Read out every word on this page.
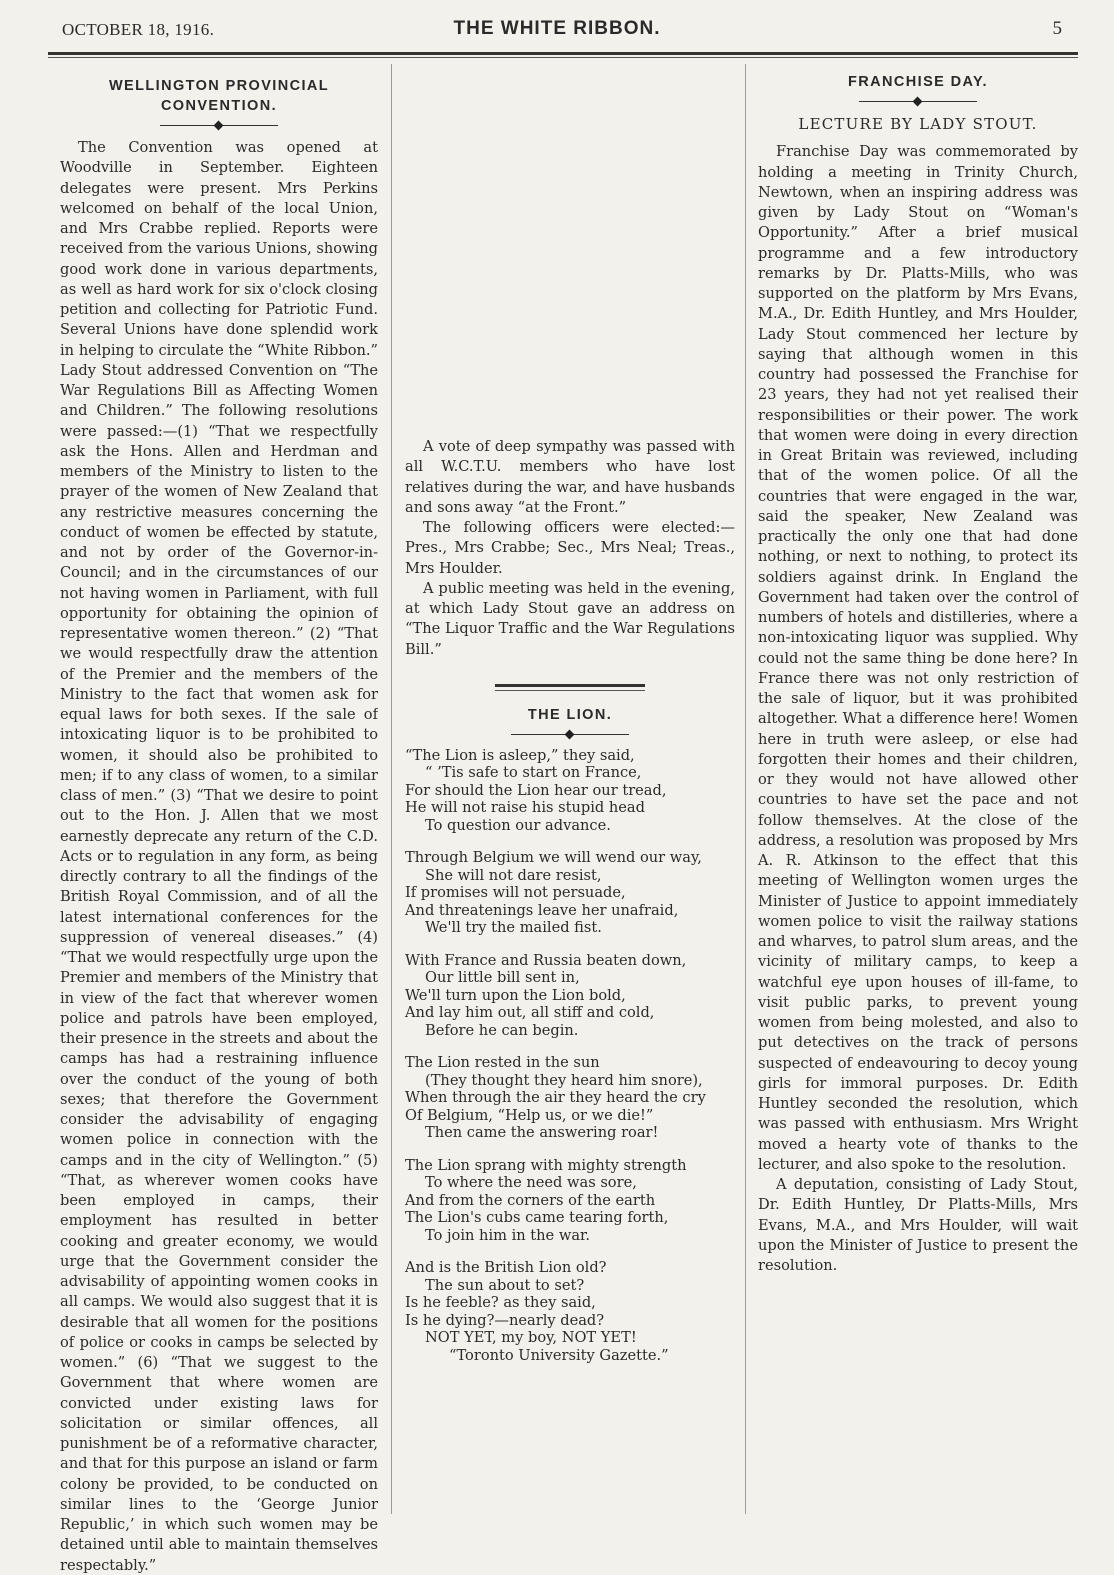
OCTOBER 18, 1916.	THE WHITE RIBBON.	5
WELLINGTON PROVINCIAL CONVENTION.

The Convention was opened at Woodville in September. Eighteen delegates were present. Mrs Perkins welcomed on behalf of the local Union, and Mrs Crabbe replied. Reports were received from the various Unions, showing good work done in various departments, as well as hard work for six o'clock closing petition and collecting for Patriotic Fund. Several Unions have done splendid work in helping to circulate the “White Ribbon.” Lady Stout addressed Convention on “The War Regulations Bill as Affecting Women and Children.” The following resolutions were passed:—(1) “That we respectfully ask the Hons. Allen and Herdman and members of the Ministry to listen to the prayer of the women of New Zealand that any restrictive measures concerning the conduct of women be effected by statute, and not by order of the Governor-in-Council; and in the circumstances of our not having women in Parliament, with full opportunity for obtaining the opinion of representative women thereon.” (2) “That we would respectfully draw the attention of the Premier and the members of the Ministry to the fact that women ask for equal laws for both sexes. If the sale of intoxicating liquor is to be prohibited to women, it should also be prohibited to men; if to any class of women, to a similar class of men.” (3) “That we desire to point out to the Hon. J. Allen that we most earnestly deprecate any return of the C.D. Acts or to regulation in any form, as being directly contrary to all the findings of the British Royal Commission, and of all the latest international conferences for the suppression of venereal diseases.” (4) “That we would respectfully urge upon the Premier and members of the Ministry that in view of the fact that wherever women police and patrols have been employed, their presence in the streets and about the camps has had a restraining influence over the conduct of the young of both sexes; that therefore the Government consider the advisability of engaging women police in connection with the camps and in the city of Wellington.” (5) “That, as wherever women cooks have been employed in camps, their employment has resulted in better cooking and greater economy, we would urge that the Government consider the advisability of appointing women cooks in all camps. We would also suggest that it is desirable that all women for the positions of police or cooks in camps be selected by women.” (6) “That we suggest to the Government that where women are convicted under existing laws for solicitation or similar offences, all punishment be of a reformative character, and that for this purpose an island or farm colony be provided, to be conducted on similar lines to the ‘George Junior Republic,’ in which such women may be detained until able to maintain themselves respectably.”

A vote of deep sympathy was passed with all W.C.T.U. members who have lost relatives during the war, and have husbands and sons away “at the Front.”

The following officers were elected:—Pres., Mrs Crabbe; Sec., Mrs Neal; Treas., Mrs Houlder.

A public meeting was held in the evening, at which Lady Stout gave an address on “The Liquor Traffic and the War Regulations Bill.”

THE LION.
“The Lion is asleep,” they said,
“ ’Tis safe to start on France,
For should the Lion hear our tread,
He will not raise his stupid head
To question our advance.
Through Belgium we will wend our way,
She will not dare resist,
If promises will not persuade,
And threatenings leave her unafraid,
We'll try the mailed fist.
With France and Russia beaten down,
Our little bill sent in,
We'll turn upon the Lion bold,
And lay him out, all stiff and cold,
Before he can begin.
The Lion rested in the sun
(They thought they heard him snore),
When through the air they heard the cry
Of Belgium, “Help us, or we die!”
Then came the answering roar!
The Lion sprang with mighty strength
To where the need was sore,
And from the corners of the earth
The Lion's cubs came tearing forth,
To join him in the war.
And is the British Lion old?
The sun about to set?
Is he feeble? as they said,
Is he dying?—nearly dead?
NOT YET, my boy, NOT YET!
“Toronto University Gazette.”
FRANCHISE DAY.
LECTURE BY LADY STOUT.

Franchise Day was commemorated by holding a meeting in Trinity Church, Newtown, when an inspiring address was given by Lady Stout on “Woman's Opportunity.” After a brief musical programme and a few introductory remarks by Dr. Platts-Mills, who was supported on the platform by Mrs Evans, M.A., Dr. Edith Huntley, and Mrs Houlder, Lady Stout commenced her lecture by saying that although women in this country had possessed the Franchise for 23 years, they had not yet realised their responsibilities or their power. The work that women were doing in every direction in Great Britain was reviewed, including that of the women police. Of all the countries that were engaged in the war, said the speaker, New Zealand was practically the only one that had done nothing, or next to nothing, to protect its soldiers against drink. In England the Government had taken over the control of numbers of hotels and distilleries, where a non-intoxicating liquor was supplied. Why could not the same thing be done here? In France there was not only restriction of the sale of liquor, but it was prohibited altogether. What a difference here! Women here in truth were asleep, or else had forgotten their homes and their children, or they would not have allowed other countries to have set the pace and not follow themselves. At the close of the address, a resolution was proposed by Mrs A. R. Atkinson to the effect that this meeting of Wellington women urges the Minister of Justice to appoint immediately women police to visit the railway stations and wharves, to patrol slum areas, and the vicinity of military camps, to keep a watchful eye upon houses of ill-fame, to visit public parks, to prevent young women from being molested, and also to put detectives on the track of persons suspected of endeavouring to decoy young girls for immoral purposes. Dr. Edith Huntley seconded the resolution, which was passed with enthusiasm. Mrs Wright moved a hearty vote of thanks to the lecturer, and also spoke to the resolution.

A deputation, consisting of Lady Stout, Dr. Edith Huntley, Dr Platts-Mills, Mrs Evans, M.A., and Mrs Houlder, will wait upon the Minister of Justice to present the resolution.
